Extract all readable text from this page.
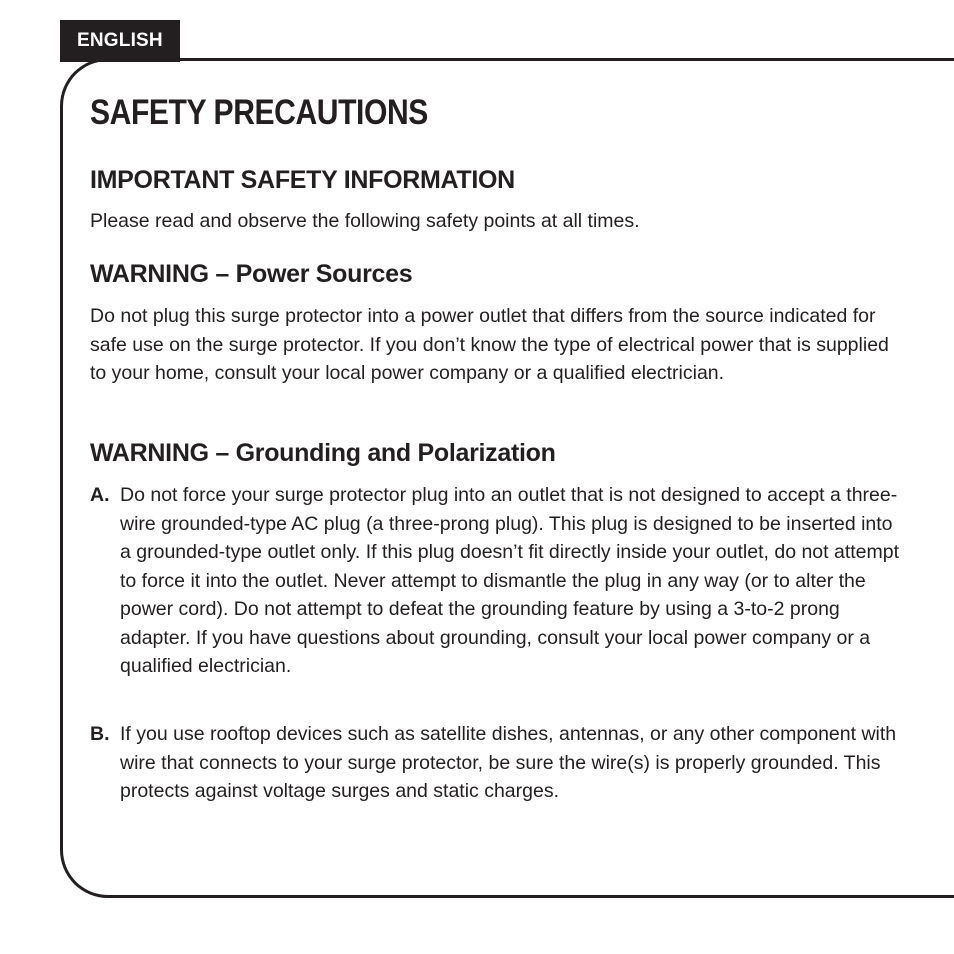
ENGLISH
SAFETY PRECAUTIONS
IMPORTANT SAFETY INFORMATION

Please read and observe the following safety points at all times.

WARNING – Power Sources

Do not plug this surge protector into a power outlet that differs from the source indicated for safe use on the surge protector. If you don’t know the type of electrical power that is supplied to your home, consult your local power company or a qualified electrician.

WARNING – Grounding and Polarization
A. Do not force your surge protector plug into an outlet that is not designed to accept a three-wire grounded-type AC plug (a three-prong plug). This plug is designed to be inserted into a grounded-type outlet only. If this plug doesn’t fit directly inside your outlet, do not attempt to force it into the outlet. Never attempt to dismantle the plug in any way (or to alter the power cord). Do not attempt to defeat the grounding feature by using a 3-to-2 prong adapter. If you have questions about grounding, consult your local power company or a qualified electrician.

B. If you use rooftop devices such as satellite dishes, antennas, or any other component with wire that connects to your surge protector, be sure the wire(s) is properly grounded. This protects against voltage surges and static charges.
